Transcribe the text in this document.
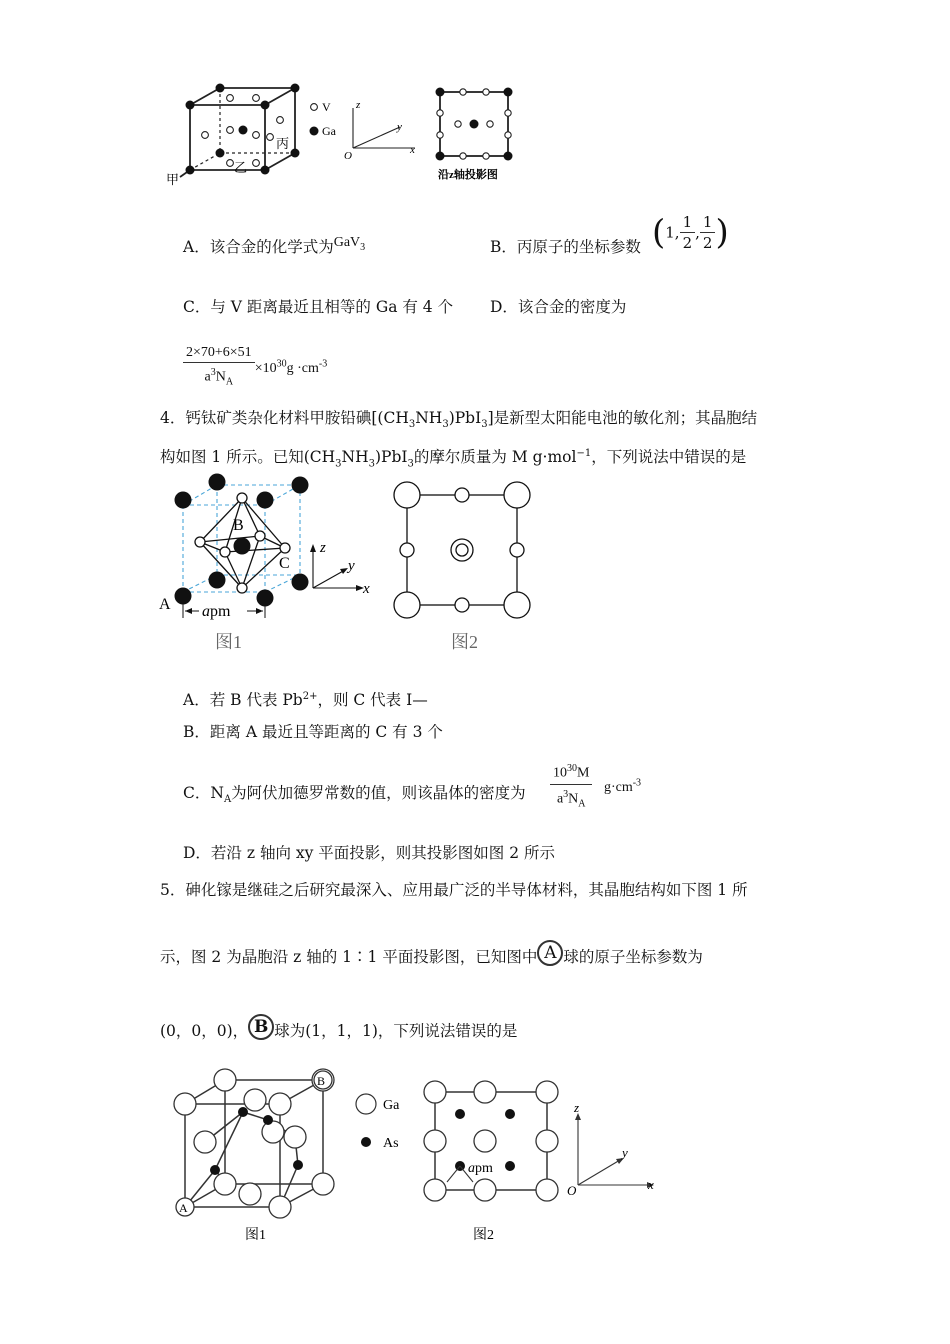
甲
乙
丙
V
Ga
z
y
x
O
沿z轴投影图
A．该合金的化学式为GaV$_3$	B．丙原子的坐标参数 (1, $\frac{1}{2}$ , $\frac{1}{2}$ )
C．与 V 距离最近且相等的 Ga 有 4 个 D．该合金的密度为
$\frac{2\times 70+6\times 51}{a^3N_A} \times 10^{30}g \cdot cm^{-3}$
4．钙钛矿类杂化材料甲胺铅碘$[(CH_3NH_3)PbI_3]$是新型太阳能电池的敏化剂；其晶胞结
构如图 1 所示。已知$(CH_3NH_3)PbI_3$的摩尔质量为 M g·mol$^{-1}$，下列说法中错误的是
B
C
A apm
z
y
x
图1	图2
A．若 B 代表 $Pb^{2+}$，则 C 代表 I—
B．距离 A 最近且等距离的 C 有 3 个
C．$N_A$为阿伏加德罗常数的值，则该晶体的密度为 $\frac{10^{30}M}{a^3N_A} g\cdot cm^{-3}$
D．若沿 z 轴向 xy 平面投影，则其投影图如图 2 所示
5．砷化镓是继硅之后研究最深入、应用最广泛的半导体材料，其晶胞结构如下图 1 所
示，图 2 为晶胞沿 z 轴的 1∶1 平面投影图，已知图中 A 球的原子坐标参数为
(0，0，0)， B 球为(1，1，1)，下列说法错误的是
A
B
Ga
As
图1
apm
图2
z
y
x
O
